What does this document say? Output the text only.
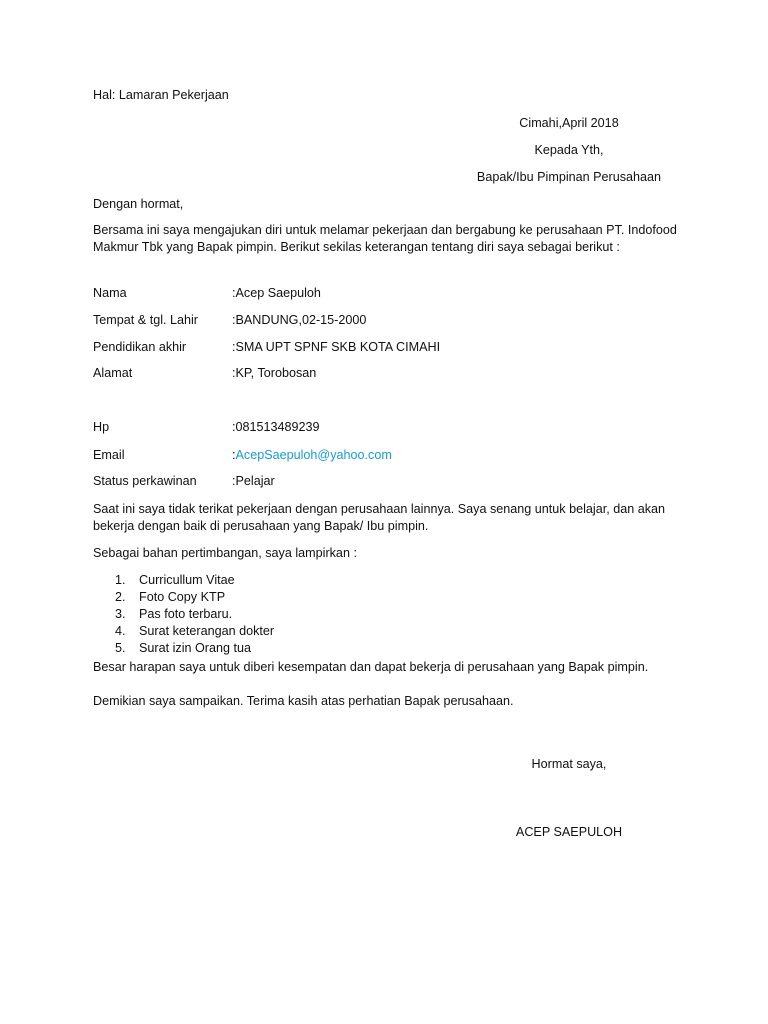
Hal: Lamaran Pekerjaan
Cimahi,April 2018
Kepada Yth,
Bapak/Ibu Pimpinan Perusahaan
Dengan hormat,
Bersama ini saya mengajukan diri untuk melamar pekerjaan dan bergabung ke perusahaan PT. Indofood Makmur Tbk yang Bapak pimpin. Berikut sekilas keterangan tentang diri saya sebagai berikut :
Nama	:Acep Saepuloh
Tempat & tgl. Lahir	:BANDUNG,02-15-2000
Pendidikan akhir	:SMA UPT SPNF SKB KOTA CIMAHI
Alamat	:KP, Torobosan
Hp	:081513489239
Email	:AcepSaepuloh@yahoo.com
Status perkawinan	:Pelajar
Saat ini saya tidak terikat pekerjaan dengan perusahaan lainnya. Saya senang untuk belajar, dan akan bekerja dengan baik di perusahaan yang Bapak/ Ibu pimpin.
Sebagai bahan pertimbangan, saya lampirkan :
1. Curricullum Vitae
2. Foto Copy KTP
3. Pas foto terbaru.
4. Surat keterangan dokter
5. Surat izin Orang tua
Besar harapan saya untuk diberi kesempatan dan dapat bekerja di perusahaan yang Bapak pimpin.
Demikian saya sampaikan. Terima kasih atas perhatian Bapak perusahaan.
Hormat saya,
ACEP SAEPULOH
